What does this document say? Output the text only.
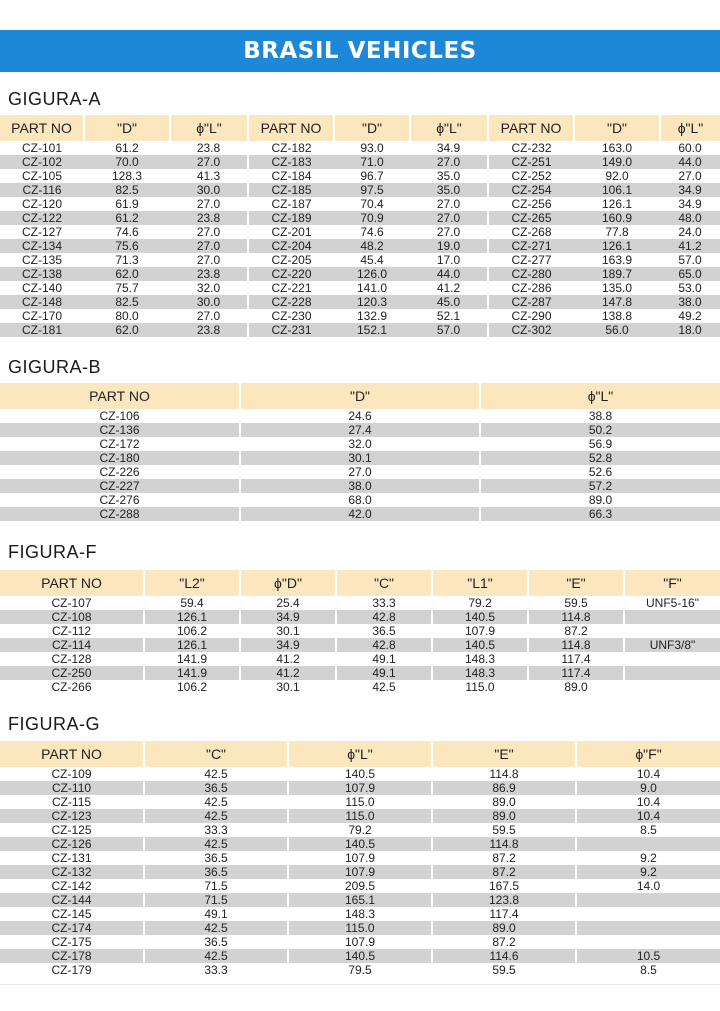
BRASIL VEHICLES
GIGURA-A
PART NO	"D"	ϕ"L"	PART NO	"D"	ϕ"L"	PART NO	"D"	ϕ"L"
CZ-101	61.2	23.8	CZ-182	93.0	34.9	CZ-232	163.0	60.0
CZ-102	70.0	27.0	CZ-183	71.0	27.0	CZ-251	149.0	44.0
CZ-105	128.3	41.3	CZ-184	96.7	35.0	CZ-252	92.0	27.0
CZ-116	82.5	30.0	CZ-185	97.5	35.0	CZ-254	106.1	34.9
CZ-120	61.9	27.0	CZ-187	70.4	27.0	CZ-256	126.1	34.9
CZ-122	61.2	23.8	CZ-189	70.9	27.0	CZ-265	160.9	48.0
CZ-127	74.6	27.0	CZ-201	74.6	27.0	CZ-268	77.8	24.0
CZ-134	75.6	27.0	CZ-204	48.2	19.0	CZ-271	126.1	41.2
CZ-135	71.3	27.0	CZ-205	45.4	17.0	CZ-277	163.9	57.0
CZ-138	62.0	23.8	CZ-220	126.0	44.0	CZ-280	189.7	65.0
CZ-140	75.7	32.0	CZ-221	141.0	41.2	CZ-286	135.0	53.0
CZ-148	82.5	30.0	CZ-228	120.3	45.0	CZ-287	147.8	38.0
CZ-170	80.0	27.0	CZ-230	132.9	52.1	CZ-290	138.8	49.2
CZ-181	62.0	23.8	CZ-231	152.1	57.0	CZ-302	56.0	18.0
GIGURA-B
PART NO	"D"	ϕ"L"
CZ-106	24.6	38.8
CZ-136	27.4	50.2
CZ-172	32.0	56.9
CZ-180	30.1	52.8
CZ-226	27.0	52.6
CZ-227	38.0	57.2
CZ-276	68.0	89.0
CZ-288	42.0	66.3
FIGURA-F
PART NO	"L2"	ϕ"D"	"C"	"L1"	"E"	"F"
CZ-107	59.4	25.4	33.3	79.2	59.5	UNF5-16"
CZ-108	126.1	34.9	42.8	140.5	114.8	
CZ-112	106.2	30.1	36.5	107.9	87.2	
CZ-114	126.1	34.9	42.8	140.5	114.8	UNF3/8"
CZ-128	141.9	41.2	49.1	148.3	117.4	
CZ-250	141.9	41.2	49.1	148.3	117.4	
CZ-266	106.2	30.1	42.5	115.0	89.0	
FIGURA-G
PART NO	"C"	ϕ"L"	"E"	ϕ"F"
CZ-109	42.5	140.5	114.8	10.4
CZ-110	36.5	107.9	86.9	9.0
CZ-115	42.5	115.0	89.0	10.4
CZ-123	42.5	115.0	89.0	10.4
CZ-125	33.3	79.2	59.5	8.5
CZ-126	42.5	140.5	114.8	
CZ-131	36.5	107.9	87.2	9.2
CZ-132	36.5	107.9	87.2	9.2
CZ-142	71.5	209.5	167.5	14.0
CZ-144	71.5	165.1	123.8	
CZ-145	49.1	148.3	117.4	
CZ-174	42.5	115.0	89.0	
CZ-175	36.5	107.9	87.2	
CZ-178	42.5	140.5	114.6	10.5
CZ-179	33.3	79.5	59.5	8.5
